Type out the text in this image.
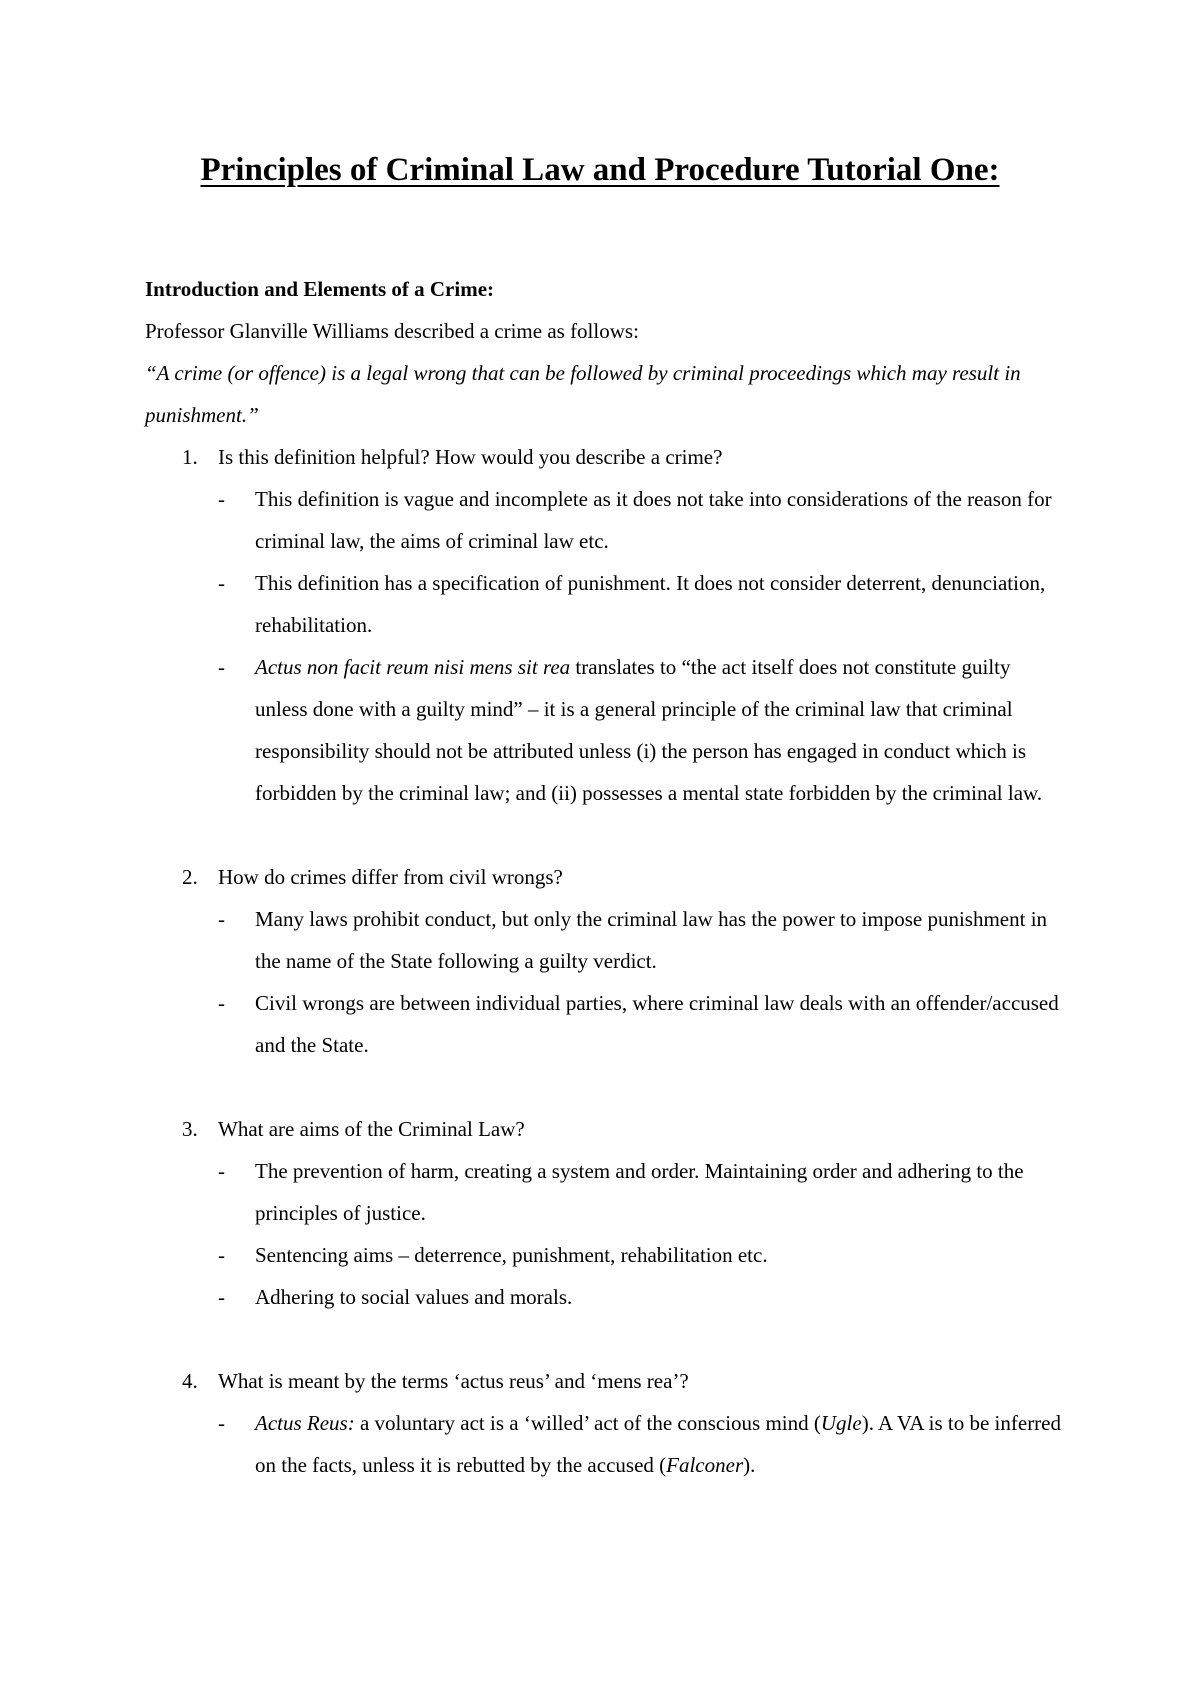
Principles of Criminal Law and Procedure Tutorial One:

Introduction and Elements of a Crime:

Professor Glanville Williams described a crime as follows:

“A crime (or offence) is a legal wrong that can be followed by criminal proceedings which may result in punishment.”

1. Is this definition helpful? How would you describe a crime?
- This definition is vague and incomplete as it does not take into considerations of the reason for criminal law, the aims of criminal law etc.
- This definition has a specification of punishment. It does not consider deterrent, denunciation, rehabilitation.
- Actus non facit reum nisi mens sit rea translates to “the act itself does not constitute guilty unless done with a guilty mind” – it is a general principle of the criminal law that criminal responsibility should not be attributed unless (i) the person has engaged in conduct which is forbidden by the criminal law; and (ii) possesses a mental state forbidden by the criminal law.
2. How do crimes differ from civil wrongs?
- Many laws prohibit conduct, but only the criminal law has the power to impose punishment in the name of the State following a guilty verdict.
- Civil wrongs are between individual parties, where criminal law deals with an offender/accused and the State.
3. What are aims of the Criminal Law?
- The prevention of harm, creating a system and order. Maintaining order and adhering to the principles of justice.
- Sentencing aims – deterrence, punishment, rehabilitation etc.
- Adhering to social values and morals.
4. What is meant by the terms ‘actus reus’ and ‘mens rea’?
- Actus Reus: a voluntary act is a ‘willed’ act of the conscious mind (Ugle). A VA is to be inferred on the facts, unless it is rebutted by the accused (Falconer).
